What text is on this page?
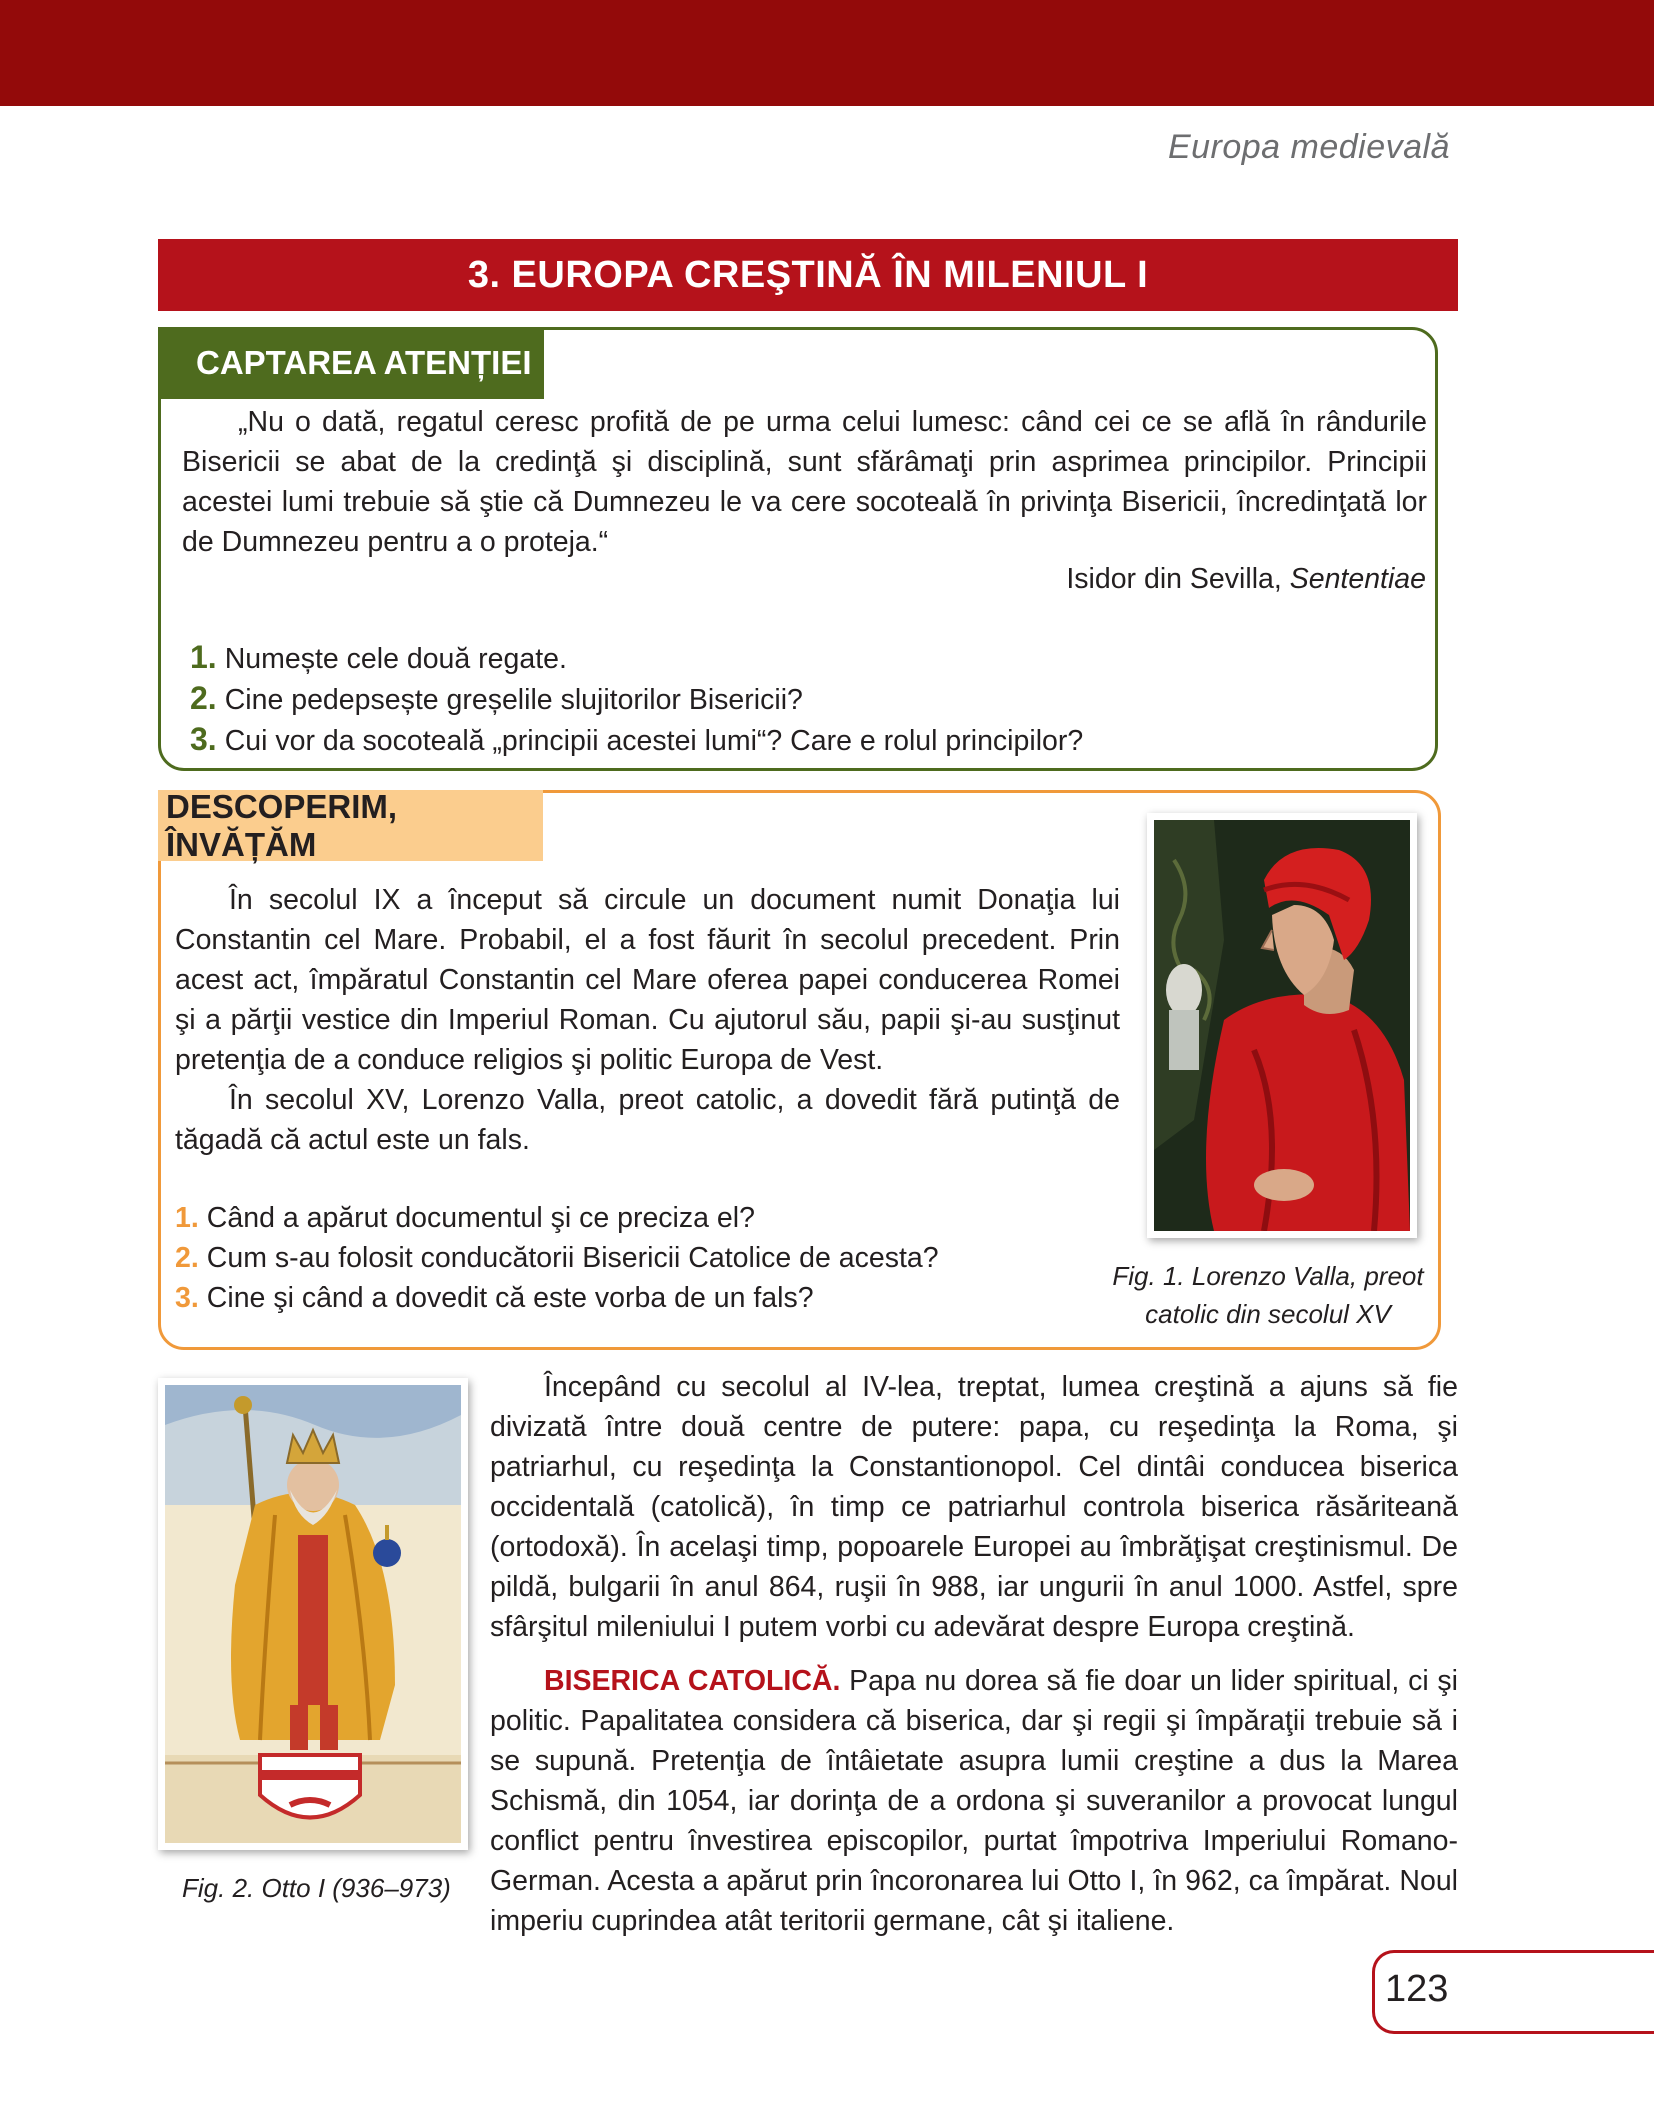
Europa medievală
3. EUROPA CREŞTINĂ ÎN MILENIUL I
CAPTAREA ATENȚIEI

„Nu o dată, regatul ceresc profită de pe urma celui lumesc: când cei ce se află în rândurile Bisericii se abat de la credinţă şi disciplină, sunt sfărâmaţi prin asprimea principilor. Principii acestei lumi trebuie să ştie că Dumnezeu le va cere socoteală în privinţa Bisericii, încredinţată lor de Dumnezeu pentru a o proteja.“

Isidor din Sevilla, Sententiae
1. Numește cele două regate.
2. Cine pedepsește greșelile slujitorilor Bisericii?
3. Cui vor da socoteală „principii acestei lumi“? Care e rolul principilor?
DESCOPERIM, ÎNVĂȚĂM

În secolul IX a început să circule un document numit Donaţia lui Constantin cel Mare. Probabil, el a fost făurit în secolul precedent. Prin acest act, împăratul Constantin cel Mare oferea papei conducerea Romei şi a părţii vestice din Imperiul Roman. Cu ajutorul său, papii şi-au susţinut pretenţia de a conduce religios şi politic Europa de Vest.

În secolul XV, Lorenzo Valla, preot catolic, a dovedit fără putinţă de tăgadă că actul este un fals.

1. Când a apărut documentul şi ce preciza el?
2. Cum s-au folosit conducătorii Bisericii Catolice de acesta?
3. Cine şi când a dovedit că este vorba de un fals?
Fig. 1. Lorenzo Valla, preot
catolic din secolul XV
Fig. 2. Otto I (936–973)

Începând cu secolul al IV-lea, treptat, lumea creştină a ajuns să fie divizată între două centre de putere: papa, cu reşedinţa la Roma, şi patriarhul, cu reşedinţa la Constantionopol. Cel dintâi conducea biserica occidentală (catolică), în timp ce patriarhul controla biserica răsăriteană (ortodoxă). În acelaşi timp, popoarele Europei au îmbrăţişat creştinismul. De pildă, bulgarii în anul 864, ruşii în 988, iar ungurii în anul 1000. Astfel, spre sfârşitul mileniului I putem vorbi cu adevărat despre Europa creştină.

BISERICA CATOLICĂ. Papa nu dorea să fie doar un lider spiritual, ci şi politic. Papalitatea considera că biserica, dar şi regii şi împăraţii trebuie să i se supună. Pretenţia de întâietate asupra lumii creştine a dus la Marea Schismă, din 1054, iar dorinţa de a ordona şi suveranilor a provocat lungul conflict pentru învestirea episcopilor, purtat împotriva Imperiului Romano-German. Acesta a apărut prin încoronarea lui Otto I, în 962, ca împărat. Noul imperiu cuprindea atât teritorii germane, cât şi italiene.

123
